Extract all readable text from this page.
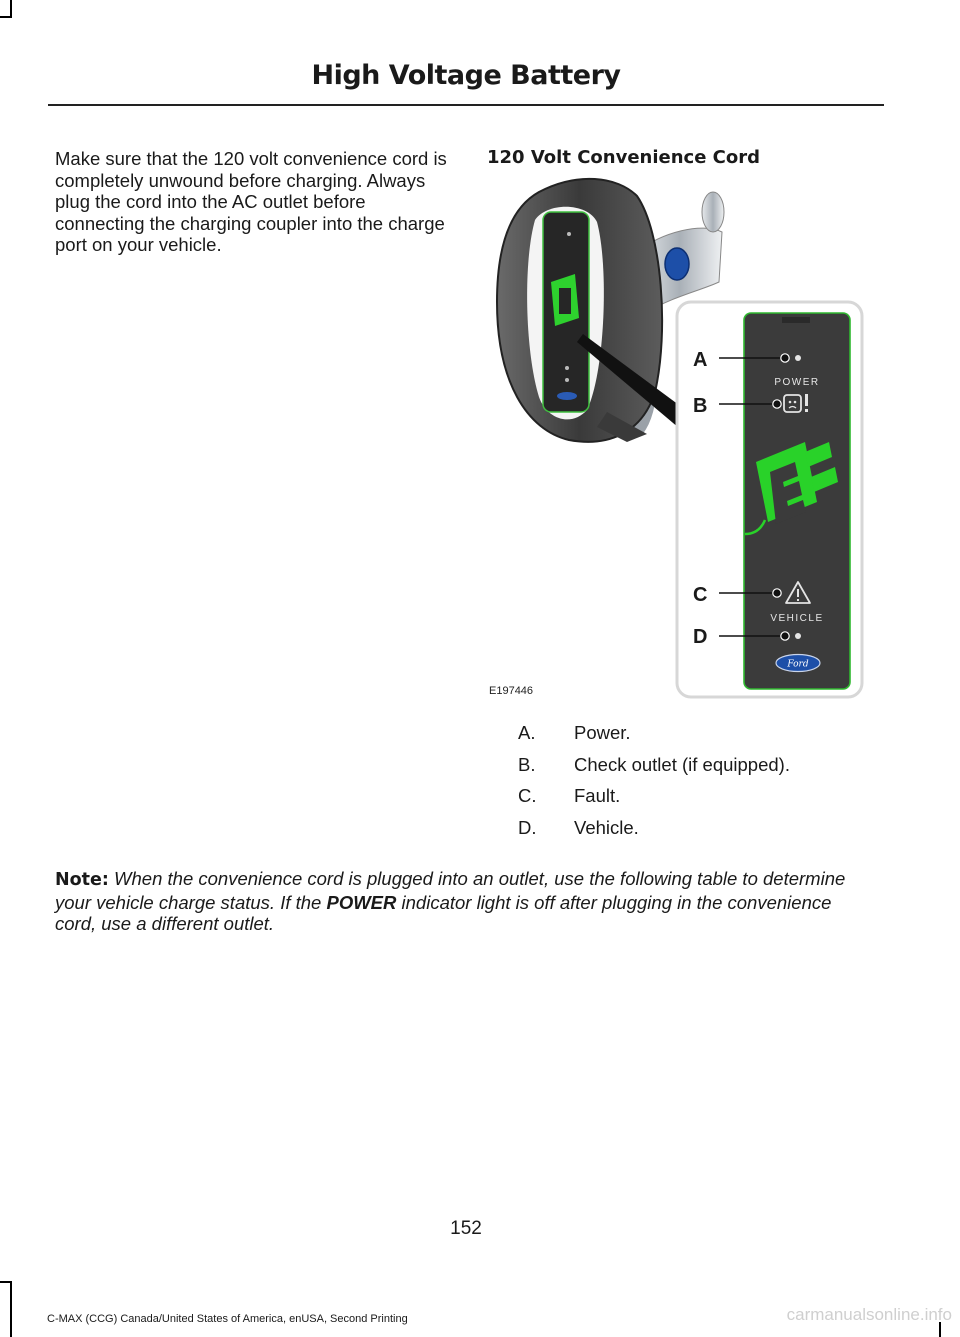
High Voltage Battery

Make sure that the 120 volt convenience cord is completely unwound before charging. Always plug the cord into the AC outlet before connecting the charging coupler into the charge port on your vehicle.

120 Volt Convenience Cord
POWER
VEHICLE
Ford
A
B
C
D
E197446
A. Power.
B. Check outlet (if equipped).
C. Fault.
D. Vehicle.

Note: When the convenience cord is plugged into an outlet, use the following table to determine your vehicle charge status. If the POWER indicator light is off after plugging in the convenience cord, use a different outlet.

152
C-MAX (CCG) Canada/United States of America, enUSA, Second Printing	carmanualsonline.info
